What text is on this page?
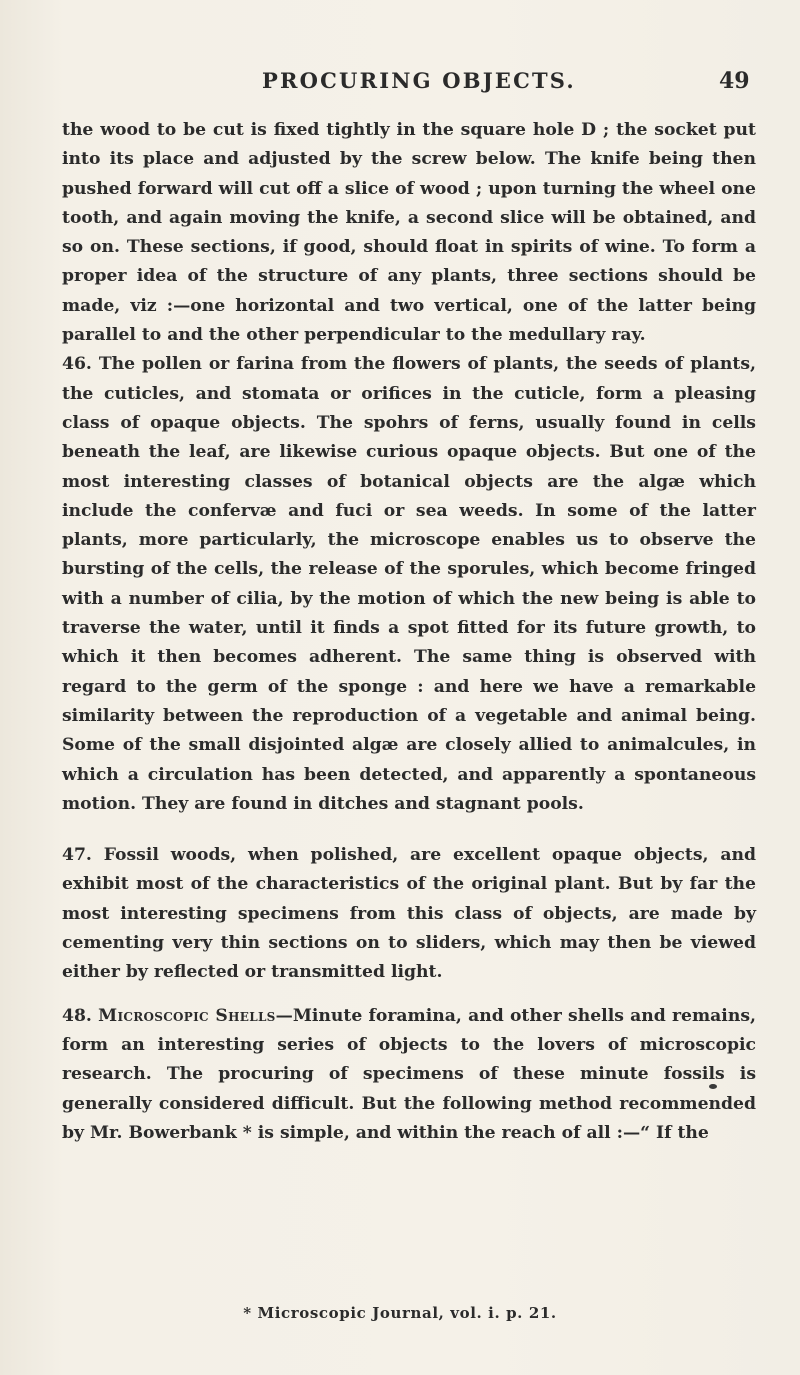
PROCURING OBJECTS.	49

the wood to be cut is fixed tightly in the square hole D ; the socket put into its place and adjusted by the screw below. The knife being then pushed forward will cut off a slice of wood ; upon turning the wheel one tooth, and again moving the knife, a second slice will be obtained, and so on. These sections, if good, should float in spirits of wine. To form a proper idea of the structure of any plants, three sections should be made, viz :—one horizontal and two vertical, one of the latter being parallel to and the other perpendicular to the medullary ray.

46. The pollen or farina from the flowers of plants, the seeds of plants, the cuticles, and stomata or orifices in the cuticle, form a pleasing class of opaque objects. The spohrs of ferns, usually found in cells beneath the leaf, are likewise curious opaque objects. But one of the most interesting classes of botanical objects are the algæ which include the confervæ and fuci or sea weeds. In some of the latter plants, more particularly, the microscope enables us to observe the bursting of the cells, the release of the sporules, which become fringed with a number of cilia, by the motion of which the new being is able to traverse the water, until it finds a spot fitted for its future growth, to which it then becomes adherent. The same thing is observed with regard to the germ of the sponge : and here we have a remarkable similarity between the reproduction of a vegetable and animal being. Some of the small disjointed algæ are closely allied to animalcules, in which a circulation has been detected, and apparently a spontaneous motion. They are found in ditches and stagnant pools.

47. Fossil woods, when polished, are excellent opaque objects, and exhibit most of the characteristics of the original plant. But by far the most interesting specimens from this class of objects, are made by cementing very thin sections on to sliders, which may then be viewed either by reflected or transmitted light.

48. Microscopic Shells—Minute foramina, and other shells and remains, form an interesting series of objects to the lovers of microscopic research. The procuring of specimens of these minute fossils is generally considered difficult. But the following method recommended by Mr. Bowerbank * is simple, and within the reach of all :—“ If the

* Microscopic Journal, vol. i. p. 21.
